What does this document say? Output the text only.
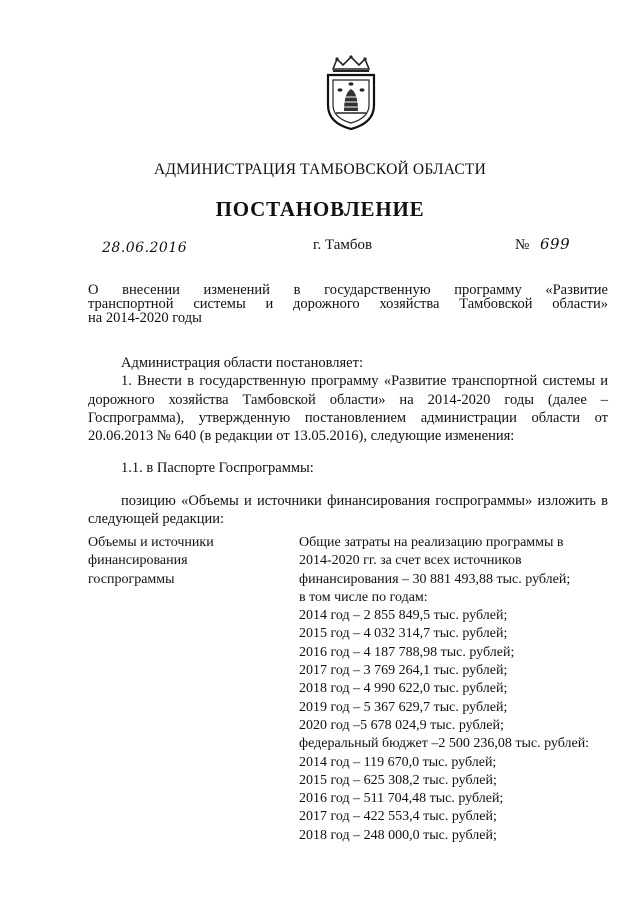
АДМИНИСТРАЦИЯ ТАМБОВСКОЙ ОБЛАСТИ
ПОСТАНОВЛЕНИЕ
28.06.2016	г. Тамбов	№ 699
О внесении изменений в государственную программу «Развитие
транспортной системы и дорожного хозяйства Тамбовской области»
на 2014-2020 годы

Администрация области постановляет:

1. Внести в государственную программу «Развитие транспортной системы и дорожного хозяйства Тамбовской области» на 2014-2020 годы (далее – Госпрограмма), утвержденную постановлением администрации области от 20.06.2013 № 640 (в редакции от 13.05.2016), следующие изменения:

1.1. в Паспорте Госпрограммы:

позицию «Объемы и источники финансирования госпрограммы» изложить в следующей редакции:

Объемы и источники
финансирования
госпрограммы
Общие затраты на реализацию программы в
2014-2020 гг. за счет всех источников
финансирования – 30 881 493,88 тыс. рублей;
в том числе по годам:
2014 год – 2 855 849,5 тыс. рублей;
2015 год – 4 032 314,7 тыс. рублей;
2016 год – 4 187 788,98 тыс. рублей;
2017 год – 3 769 264,1 тыс. рублей;
2018 год – 4 990 622,0 тыс. рублей;
2019 год – 5 367 629,7 тыс. рублей;
2020 год –5 678 024,9 тыс. рублей;
федеральный бюджет –2 500 236,08 тыс. рублей:
2014 год – 119 670,0 тыс. рублей;
2015 год – 625 308,2 тыс. рублей;
2016 год – 511 704,48 тыс. рублей;
2017 год – 422 553,4 тыс. рублей;
2018 год – 248 000,0 тыс. рублей;
